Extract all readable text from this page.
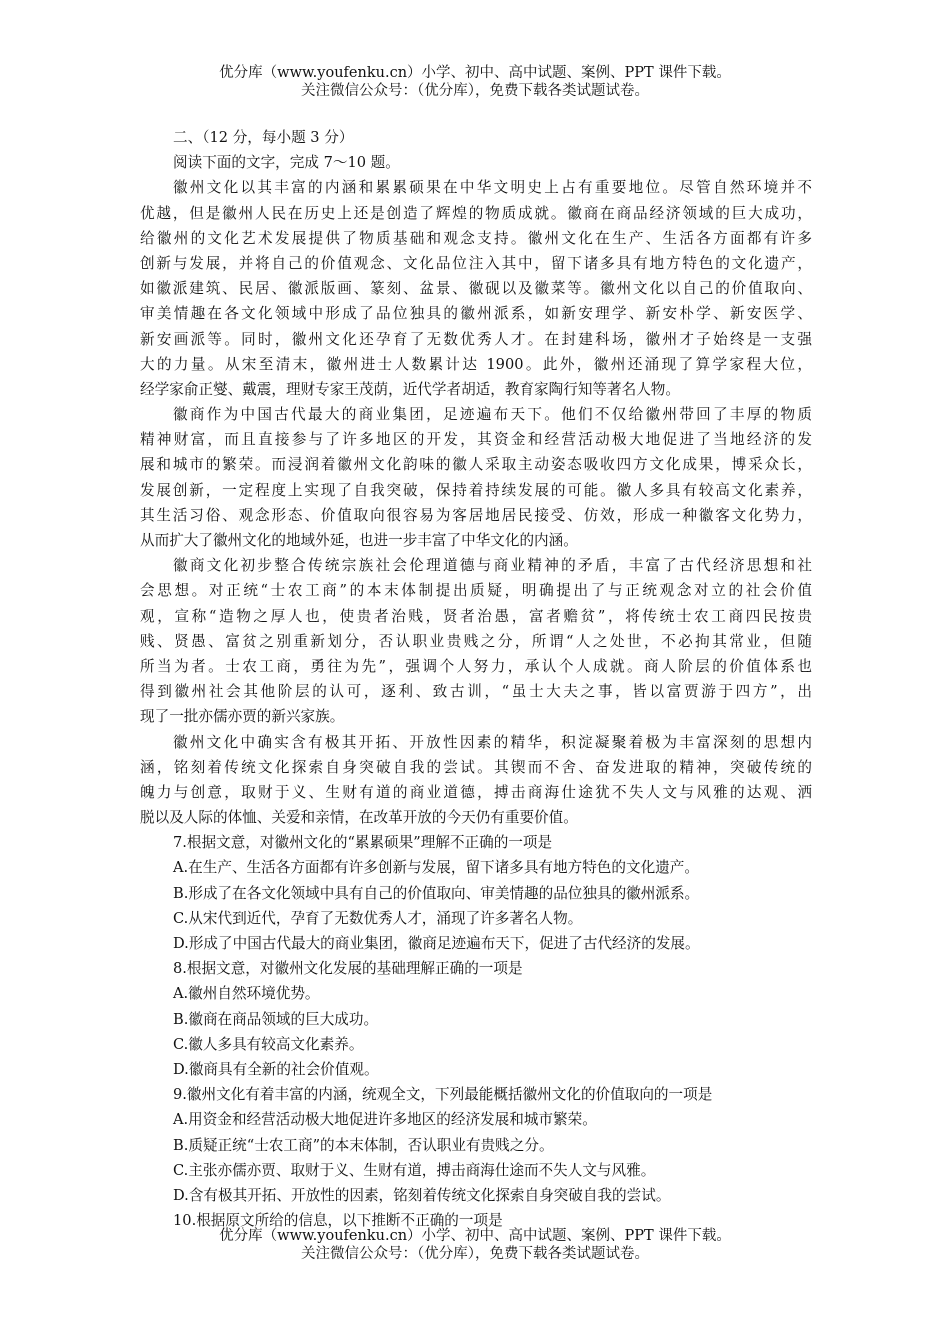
优分库（www.youfenku.cn）小学、初中、高中试题、案例、PPT 课件下载。
关注微信公众号：（优分库），免费下载各类试题试卷。
二、（12 分，每小题 3 分）
阅读下面的文字，完成 7～10 题。
徽州文化以其丰富的内涵和累累硕果在中华文明史上占有重要地位。尽管自然环境并不
优越，但是徽州人民在历史上还是创造了辉煌的物质成就。徽商在商品经济领域的巨大成功，
给徽州的文化艺术发展提供了物质基础和观念支持。徽州文化在生产、生活各方面都有许多
创新与发展，并将自己的价值观念、文化品位注入其中，留下诸多具有地方特色的文化遗产，
如徽派建筑、民居、徽派版画、篆刻、盆景、徽砚以及徽菜等。徽州文化以自己的价值取向、
审美情趣在各文化领域中形成了品位独具的徽州派系，如新安理学、新安朴学、新安医学、
新安画派等。同时，徽州文化还孕育了无数优秀人才。在封建科场，徽州才子始终是一支强
大的力量。从宋至清末，徽州进士人数累计达 1900。此外，徽州还涌现了算学家程大位，
经学家俞正燮、戴震，理财专家王茂荫，近代学者胡适，教育家陶行知等著名人物。
徽商作为中国古代最大的商业集团，足迹遍布天下。他们不仅给徽州带回了丰厚的物质
精神财富，而且直接参与了许多地区的开发，其资金和经营活动极大地促进了当地经济的发
展和城市的繁荣。而浸润着徽州文化韵味的徽人采取主动姿态吸收四方文化成果，博采众长，
发展创新，一定程度上实现了自我突破，保持着持续发展的可能。徽人多具有较高文化素养，
其生活习俗、观念形态、价值取向很容易为客居地居民接受、仿效，形成一种徽客文化势力，
从而扩大了徽州文化的地域外延，也进一步丰富了中华文化的内涵。
徽商文化初步整合传统宗族社会伦理道德与商业精神的矛盾，丰富了古代经济思想和社
会思想。对正统“士农工商”的本末体制提出质疑，明确提出了与正统观念对立的社会价值
观，宣称“造物之厚人也，使贵者治贱，贤者治愚，富者赡贫”，将传统士农工商四民按贵
贱、贤愚、富贫之别重新划分，否认职业贵贱之分，所谓“人之处世，不必拘其常业，但随
所当为者。士农工商，勇往为先”，强调个人努力，承认个人成就。商人阶层的价值体系也
得到徽州社会其他阶层的认可，逐利、致古训，“虽士大夫之事，皆以富贾游于四方”，出
现了一批亦儒亦贾的新兴家族。
徽州文化中确实含有极其开拓、开放性因素的精华，积淀凝聚着极为丰富深刻的思想内
涵，铭刻着传统文化探索自身突破自我的尝试。其锲而不舍、奋发进取的精神，突破传统的
魄力与创意，取财于义、生财有道的商业道德，搏击商海仕途犹不失人文与风雅的达观、洒
脱以及人际的体恤、关爱和亲情，在改革开放的今天仍有重要价值。
7.根据文意，对徽州文化的“累累硕果”理解不正确的一项是
A.在生产、生活各方面都有许多创新与发展，留下诸多具有地方特色的文化遗产。
B.形成了在各文化领域中具有自己的价值取向、审美情趣的品位独具的徽州派系。
C.从宋代到近代，孕育了无数优秀人才，涌现了许多著名人物。
D.形成了中国古代最大的商业集团，徽商足迹遍布天下，促进了古代经济的发展。
8.根据文意，对徽州文化发展的基础理解正确的一项是
A.徽州自然环境优势。
B.徽商在商品领域的巨大成功。
C.徽人多具有较高文化素养。
D.徽商具有全新的社会价值观。
9.徽州文化有着丰富的内涵，统观全文，下列最能概括徽州文化的价值取向的一项是
A.用资金和经营活动极大地促进许多地区的经济发展和城市繁荣。
B.质疑正统“士农工商”的本末体制，否认职业有贵贱之分。
C.主张亦儒亦贾、取财于义、生财有道，搏击商海仕途而不失人文与风雅。
D.含有极其开拓、开放性的因素，铭刻着传统文化探索自身突破自我的尝试。
10.根据原文所给的信息，以下推断不正确的一项是
优分库（www.youfenku.cn）小学、初中、高中试题、案例、PPT 课件下载。
关注微信公众号：（优分库），免费下载各类试题试卷。
